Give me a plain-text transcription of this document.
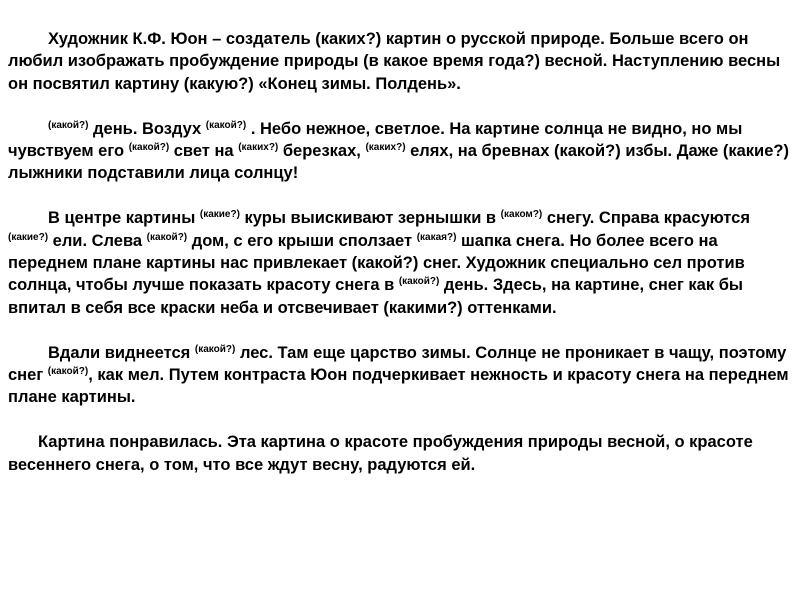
Художник К.Ф. Юон – создатель (каких?) картин о русской природе. Больше всего он любил изображать пробуждение природы (в какое время года?) весной. Наступлению весны он посвятил картину (какую?) «Конец зимы. Полдень».

$^{(какой?)}$ день. Воздух $^{(какой?)}$ . Небо нежное, светлое. На картине солнца не видно, но мы чувствуем его $^{(какой?)}$ свет на $^{(каких?)}$ березках, $^{(каких?)}$ елях, на бревнах (какой?) избы. Даже (какие?) лыжники подставили лица солнцу!

В центре картины $^{(какие?)}$ куры выискивают зернышки в $^{(каком?)}$ снегу. Справа красуются $^{(какие?)}$ ели. Слева $^{(какой?)}$ дом, с его крыши сползает $^{(какая?)}$ шапка снега. Но более всего на переднем плане картины нас привлекает (какой?) снег. Художник специально сел против солнца, чтобы лучше показать красоту снега в $^{(какой?)}$ день. Здесь, на картине, снег как бы впитал в себя все краски неба и отсвечивает (какими?) оттенками.

Вдали виднеется $^{(какой?)}$ лес. Там еще царство зимы. Солнце не проникает в чащу, поэтому снег $^{(какой?)}$, как мел. Путем контраста Юон подчеркивает нежность и красоту снега на переднем плане картины.

Картина понравилась. Эта картина о красоте пробуждения природы весной, о красоте весеннего снега, о том, что все ждут весну, радуются ей.
